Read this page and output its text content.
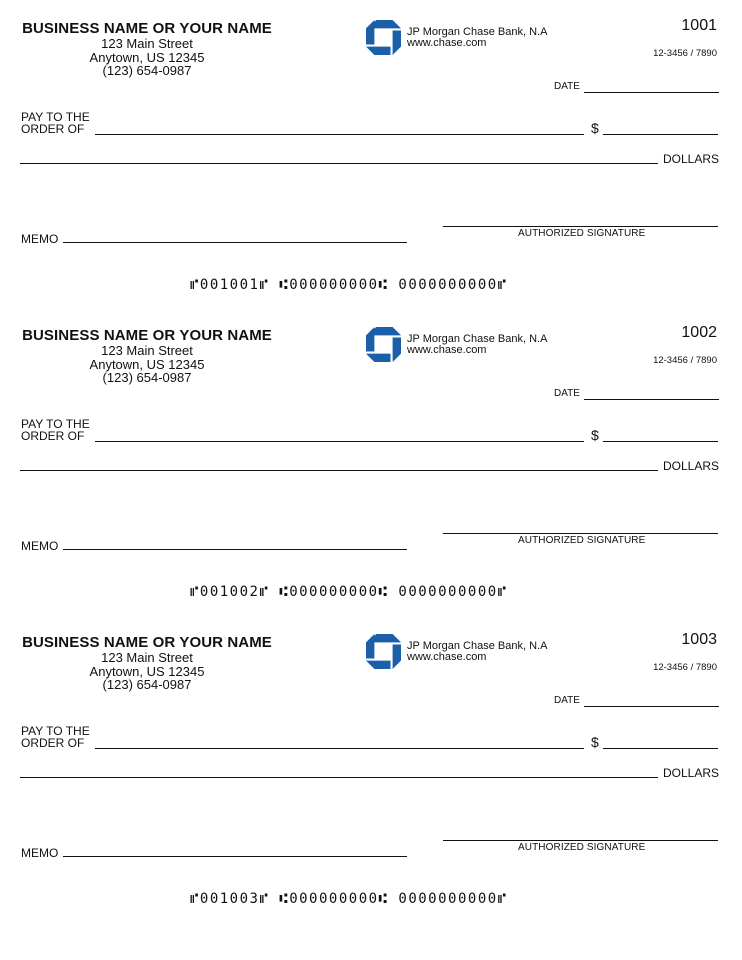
BUSINESS NAME OR YOUR NAME
123 Main Street
Anytown, US 12345
(123) 654-0987
JP Morgan Chase Bank, N.A
www.chase.com
1001
12-3456 / 7890
DATE
PAY TO THE
ORDER OF	$
DOLLARS
AUTHORIZED SIGNATURE
MEMO
⑈001001⑈ ⑆000000000⑆ 0000000000⑈
BUSINESS NAME OR YOUR NAME
123 Main Street
Anytown, US 12345
(123) 654-0987
JP Morgan Chase Bank, N.A
www.chase.com
1002
12-3456 / 7890
DATE
PAY TO THE
ORDER OF	$
DOLLARS
AUTHORIZED SIGNATURE
MEMO
⑈001002⑈ ⑆000000000⑆ 0000000000⑈
BUSINESS NAME OR YOUR NAME
123 Main Street
Anytown, US 12345
(123) 654-0987
JP Morgan Chase Bank, N.A
www.chase.com
1003
12-3456 / 7890
DATE
PAY TO THE
ORDER OF	$
DOLLARS
AUTHORIZED SIGNATURE
MEMO
⑈001003⑈ ⑆000000000⑆ 0000000000⑈
